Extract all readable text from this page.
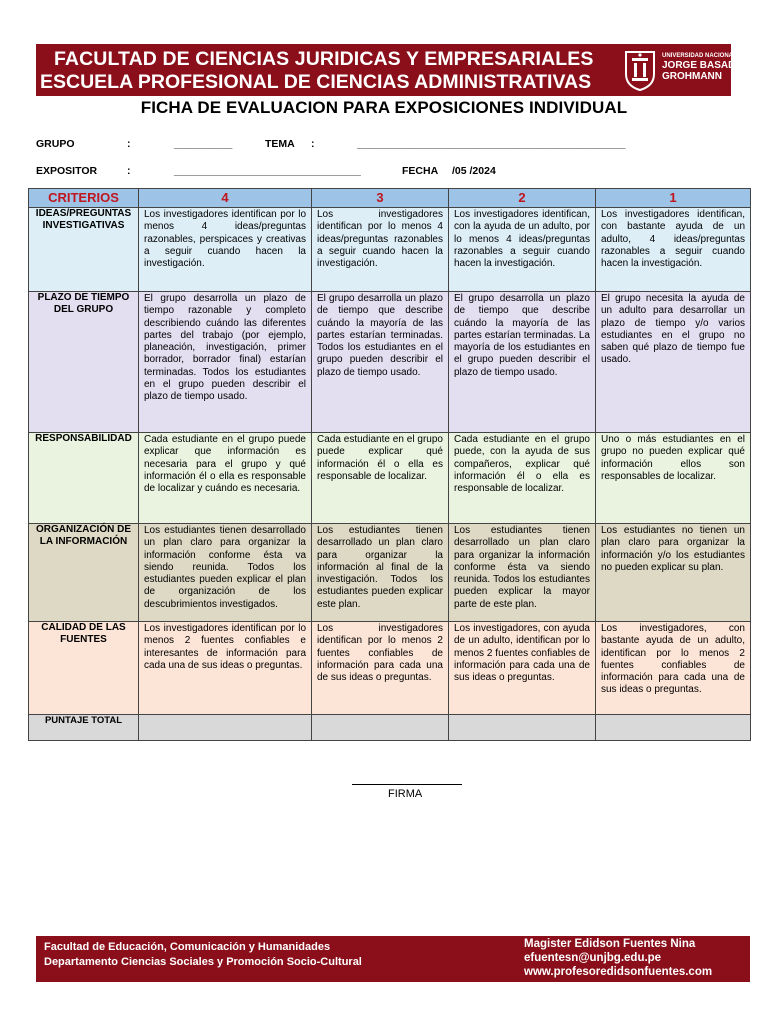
FACULTAD DE CIENCIAS JURIDICAS Y EMPRESARIALES
ESCUELA PROFESIONAL DE CIENCIAS ADMINISTRATIVAS
UNIVERSIDAD NACIONAL
JORGE BASADRE
GROHMANN
FICHA DE EVALUACION PARA EXPOSICIONES INDIVIDUAL
GRUPO	:	__________	TEMA :	______________________________________________
EXPOSITOR	:	________________________________	FECHA /05 /2024
CRITERIOS	4	3	2	1
IDEAS/PREGUNTAS INVESTIGATIVAS	Los investigadores identifican por lo menos 4 ideas/preguntas razonables, perspicaces y creativas a seguir cuando hacen la investigación.	Los investigadores identifican por lo menos 4 ideas/preguntas razonables a seguir cuando hacen la investigación.	Los investigadores identifican, con la ayuda de un adulto, por lo menos 4 ideas/preguntas razonables a seguir cuando hacen la investigación.	Los investigadores identifican, con bastante ayuda de un adulto, 4 ideas/preguntas razonables a seguir cuando hacen la investigación.
PLAZO DE TIEMPO DEL GRUPO	El grupo desarrolla un plazo de tiempo razonable y completo describiendo cuándo las diferentes partes del trabajo (por ejemplo, planeación, investigación, primer borrador, borrador final) estarían terminadas. Todos los estudiantes en el grupo pueden describir el plazo de tiempo usado.	El grupo desarrolla un plazo de tiempo que describe cuándo la mayoría de las partes estarían terminadas. Todos los estudiantes en el grupo pueden describir el plazo de tiempo usado.	El grupo desarrolla un plazo de tiempo que describe cuándo la mayoría de las partes estarían terminadas. La mayoría de los estudiantes en el grupo pueden describir el plazo de tiempo usado.	El grupo necesita la ayuda de un adulto para desarrollar un plazo de tiempo y/o varios estudiantes en el grupo no saben qué plazo de tiempo fue usado.
RESPONSABILIDAD	Cada estudiante en el grupo puede explicar que información es necesaria para el grupo y qué información él o ella es responsable de localizar y cuándo es necesaria.	Cada estudiante en el grupo puede explicar qué información él o ella es responsable de localizar.	Cada estudiante en el grupo puede, con la ayuda de sus compañeros, explicar qué información él o ella es responsable de localizar.	Uno o más estudiantes en el grupo no pueden explicar qué información ellos son responsables de localizar.
ORGANIZACIÓN DE LA INFORMACIÓN	Los estudiantes tienen desarrollado un plan claro para organizar la información conforme ésta va siendo reunida. Todos los estudiantes pueden explicar el plan de organización de los descubrimientos investigados.	Los estudiantes tienen desarrollado un plan claro para organizar la información al final de la investigación. Todos los estudiantes pueden explicar este plan.	Los estudiantes tienen desarrollado un plan claro para organizar la información conforme ésta va siendo reunida. Todos los estudiantes pueden explicar la mayor parte de este plan.	Los estudiantes no tienen un plan claro para organizar la información y/o los estudiantes no pueden explicar su plan.
CALIDAD DE LAS FUENTES	Los investigadores identifican por lo menos 2 fuentes confiables e interesantes de información para cada una de sus ideas o preguntas.	Los investigadores identifican por lo menos 2 fuentes confiables de información para cada una de sus ideas o preguntas.	Los investigadores, con ayuda de un adulto, identifican por lo menos 2 fuentes confiables de información para cada una de sus ideas o preguntas.	Los investigadores, con bastante ayuda de un adulto, identifican por lo menos 2 fuentes confiables de información para cada una de sus ideas o preguntas.
PUNTAJE TOTAL				
FIRMA
Facultad de Educación, Comunicación y Humanidades
Departamento Ciencias Sociales y Promoción Socio-Cultural
Magister Edidson Fuentes Nina
efuentesn@unjbg.edu.pe
www.profesoredidsonfuentes.com
